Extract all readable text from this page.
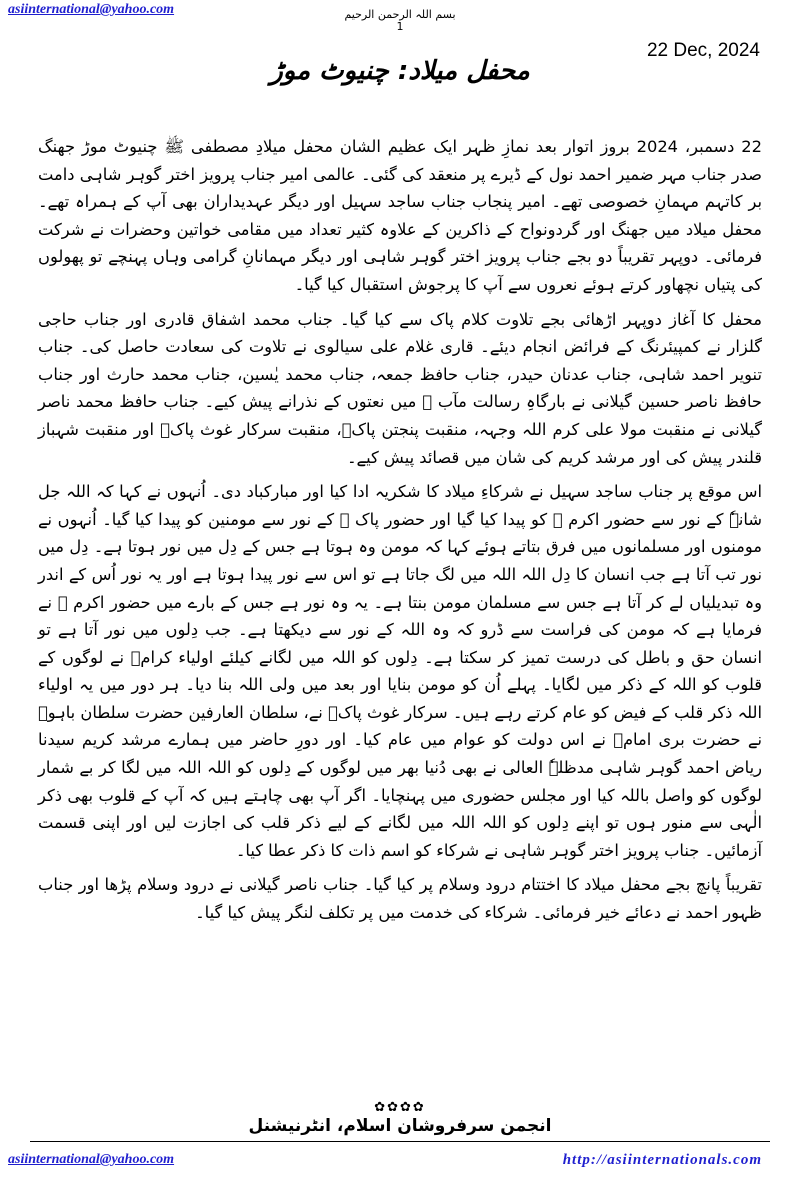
asiinternational@yahoo.com	بسم اللہ الرحمن الرحیم
1
22 Dec, 2024
محفل میلاد: چنیوٹ موڑ

22 دسمبر، 2024 بروز اتوار بعد نمازِ ظہر ایک عظیم الشان محفل میلادِ مصطفی ﷺ چنیوٹ موڑ جھنگ صدر جناب مہر ضمیر احمد نول کے ڈیرے پر منعقد کی گئی۔ عالمی امیر جناب پرویز اختر گوہر شاہی دامت بر کاتہم مہمانِ خصوصی تھے۔ امیر پنجاب جناب ساجد سہیل اور دیگر عہدیداران بھی آپ کے ہمراہ تھے۔ محفل میلاد میں جھنگ اور گردونواح کے ذاکرین کے علاوہ کثیر تعداد میں مقامی خواتین وحضرات نے شرکت فرمائی۔ دوپہر تقریباً دو بجے جناب پرویز اختر گوہر شاہی اور دیگر مہمانانِ گرامی وہاں پہنچے تو پھولوں کی پتیاں نچھاور کرتے ہوئے نعروں سے آپ کا پرجوش استقبال کیا گیا۔

محفل کا آغاز دوپہر اڑھائی بجے تلاوت کلام پاک سے کیا گیا۔ جناب محمد اشفاق قادری اور جناب حاجی گلزار نے کمپیئرنگ کے فرائض انجام دیئے۔ قاری غلام علی سیالوی نے تلاوت کی سعادت حاصل کی۔ جناب تنویر احمد شاہی، جناب عدنان حیدر، جناب حافظ جمعہ، جناب محمد یٰسین، جناب محمد حارث اور جناب حافظ ناصر حسین گیلانی نے بارگاہِ رسالت مآب ﷺ میں نعتوں کے نذرانے پیش کیے۔ جناب حافظ محمد ناصر گیلانی نے منقبت مولا علی کرم اللہ وجہہ، منقبت پنجتن پاکؑ، منقبت سرکار غوث پاکؒ اور منقبت شہباز قلندر پیش کی اور مرشد کریم کی شان میں قصائد پیش کیے۔

اس موقع پر جناب ساجد سہیل نے شرکاءِ میلاد کا شکریہ ادا کیا اور مبارکباد دی۔ اُنہوں نے کہا کہ اللہ جل شانہٗ کے نور سے حضور اکرم ﷺ کو پیدا کیا گیا اور حضور پاک ﷺ کے نور سے مومنین کو پیدا کیا گیا۔ اُنہوں نے مومنوں اور مسلمانوں میں فرق بتاتے ہوئے کہا کہ مومن وہ ہوتا ہے جس کے دِل میں نور ہوتا ہے۔ دِل میں نور تب آتا ہے جب انسان کا دِل اللہ اللہ میں لگ جاتا ہے تو اس سے نور پیدا ہوتا ہے اور یہ نور اُس کے اندر وہ تبدیلیاں لے کر آتا ہے جس سے مسلمان مومن بنتا ہے۔ یہ وہ نور ہے جس کے بارے میں حضور اکرم ﷺ نے فرمایا ہے کہ مومن کی فراست سے ڈرو کہ وہ اللہ کے نور سے دیکھتا ہے۔ جب دِلوں میں نور آتا ہے تو انسان حق و باطل کی درست تمیز کر سکتا ہے۔ دِلوں کو اللہ میں لگانے کیلئے اولیاء کرامؒ نے لوگوں کے قلوب کو اللہ کے ذکر میں لگایا۔ پہلے اُن کو مومن بنایا اور بعد میں ولی اللہ بنا دیا۔ ہر دور میں یہ اولیاء اللہ ذکر قلب کے فیض کو عام کرتے رہے ہیں۔ سرکار غوث پاکؒ نے، سلطان العارفین حضرت سلطان باہوؒ نے حضرت بری امامؒ نے اس دولت کو عوام میں عام کیا۔ اور دورِ حاضر میں ہمارے مرشد کریم سیدنا ریاض احمد گوہر شاہی مدظلہٗ العالی نے بھی دُنیا بھر میں لوگوں کے دِلوں کو اللہ اللہ میں لگا کر بے شمار لوگوں کو واصل باللہ کیا اور مجلس حضوری میں پہنچایا۔ اگر آپ بھی چاہتے ہیں کہ آپ کے قلوب بھی ذکر الٰہی سے منور ہوں تو اپنے دِلوں کو اللہ اللہ میں لگانے کے لیے ذکر قلب کی اجازت لیں اور اپنی قسمت آزمائیں۔ جناب پرویز اختر گوہر شاہی نے شرکاء کو اسم ذات کا ذکر عطا کیا۔

تقریباً پانچ بجے محفل میلاد کا اختتام درود وسلام پر کیا گیا۔ جناب ناصر گیلانی نے درود وسلام پڑھا اور جناب ظہور احمد نے دعائے خیر فرمائی۔ شرکاء کی خدمت میں پر تکلف لنگر پیش کیا گیا۔

✿✿✿✿
انجمن سرفروشان اسلام، انٹرنیشنل
asiinternational@yahoo.com	http://asiinternationals.com
